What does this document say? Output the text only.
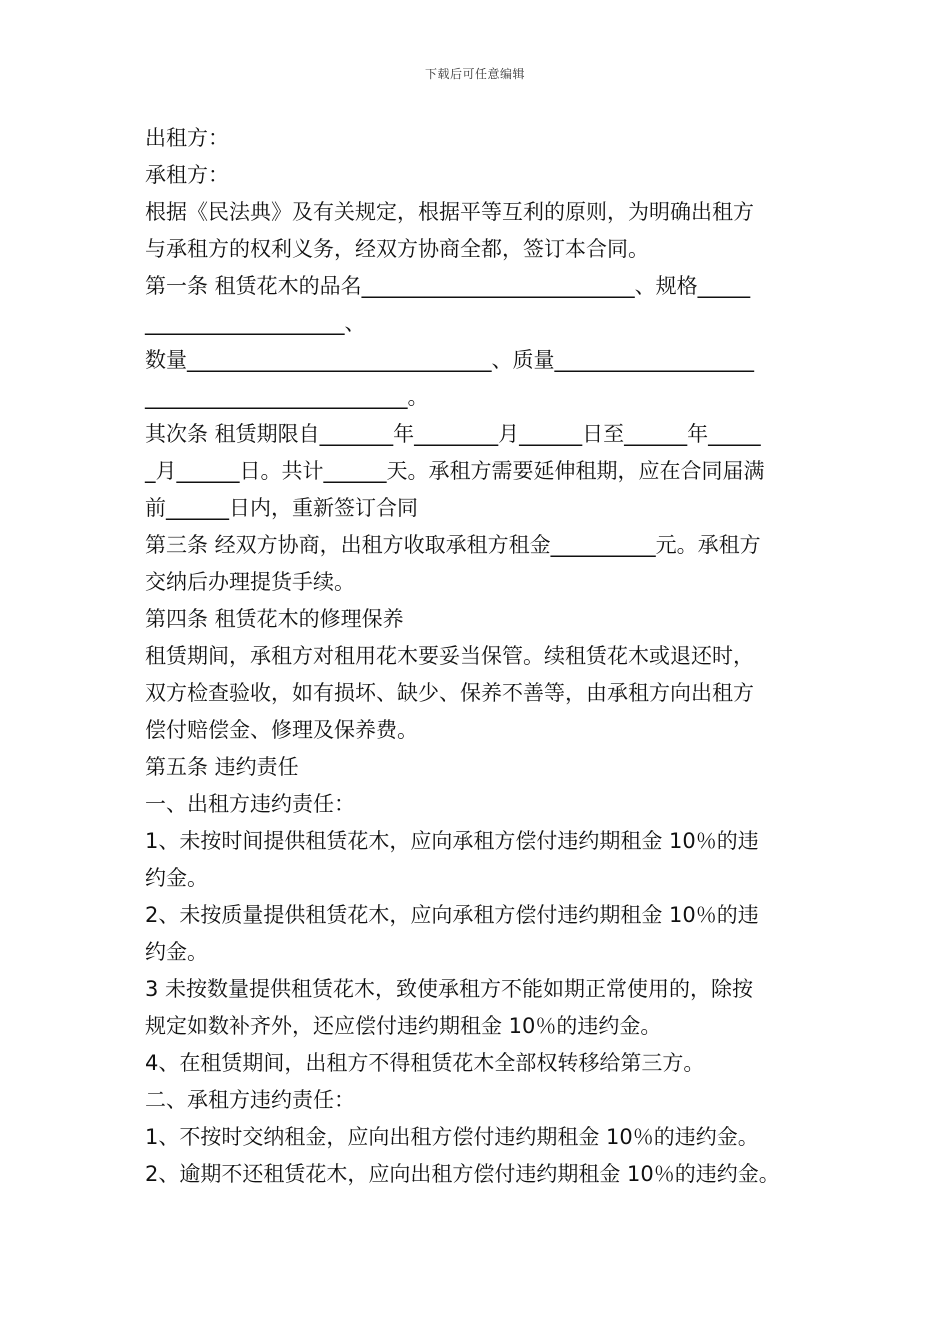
下载后可任意编辑
出租方：
承租方：
根据《民法典》及有关规定，根据平等互利的原则，为明确出租方
与承租方的权利义务，经双方协商全都，签订本合同。
第一条 租赁花木的品名__________________________、规格_____
___________________、
数量_____________________________、质量___________________
_________________________。
其次条 租赁期限自_______年________月______日至______年_____
_月______日。共计______天。承租方需要延伸租期，应在合同届满
前______日内，重新签订合同
第三条 经双方协商，出租方收取承租方租金__________元。承租方
交纳后办理提货手续。
第四条 租赁花木的修理保养
租赁期间，承租方对租用花木要妥当保管。续租赁花木或退还时，
双方检查验收，如有损坏、缺少、保养不善等，由承租方向出租方
偿付赔偿金、修理及保养费。
第五条 违约责任
一、出租方违约责任：
1、未按时间提供租赁花木，应向承租方偿付违约期租金 10％的违
约金。
2、未按质量提供租赁花木，应向承租方偿付违约期租金 10％的违
约金。
3 未按数量提供租赁花木，致使承租方不能如期正常使用的，除按
规定如数补齐外，还应偿付违约期租金 10％的违约金。
4、在租赁期间，出租方不得租赁花木全部权转移给第三方。
二、承租方违约责任：
1、不按时交纳租金，应向出租方偿付违约期租金 10％的违约金。
2、逾期不还租赁花木，应向出租方偿付违约期租金 10％的违约金。
